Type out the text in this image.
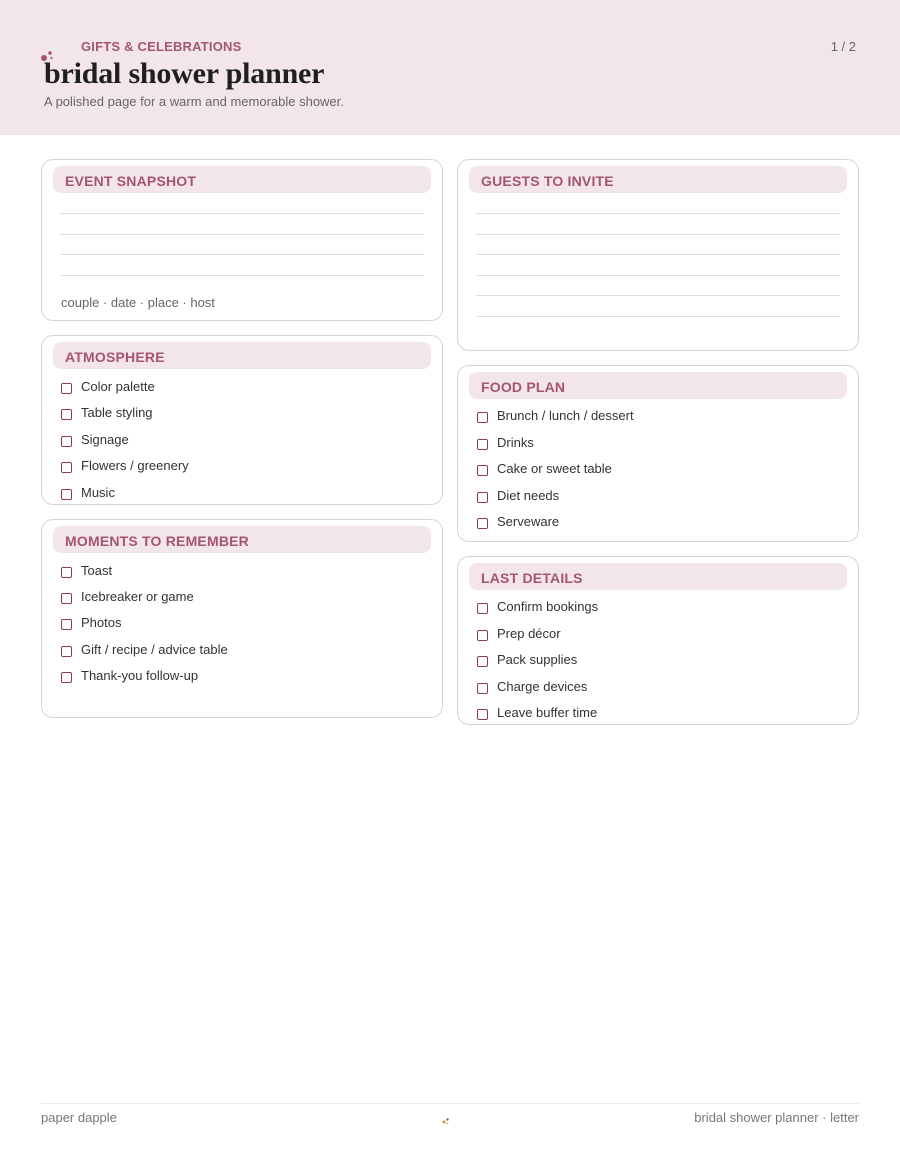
GIFTS & CELEBRATIONS	1 / 2
bridal shower planner
A polished page for a warm and memorable shower.
EVENT SNAPSHOT
couple · date · place · host
GUESTS TO INVITE
ATMOSPHERE
Color palette
Table styling
Signage
Flowers / greenery
Music
FOOD PLAN
Brunch / lunch / dessert
Drinks
Cake or sweet table
Diet needs
Serveware
MOMENTS TO REMEMBER
Toast
Icebreaker or game
Photos
Gift / recipe / advice table
Thank-you follow-up
LAST DETAILS
Confirm bookings
Prep décor
Pack supplies
Charge devices
Leave buffer time
paper dapple	bridal shower planner · letter
